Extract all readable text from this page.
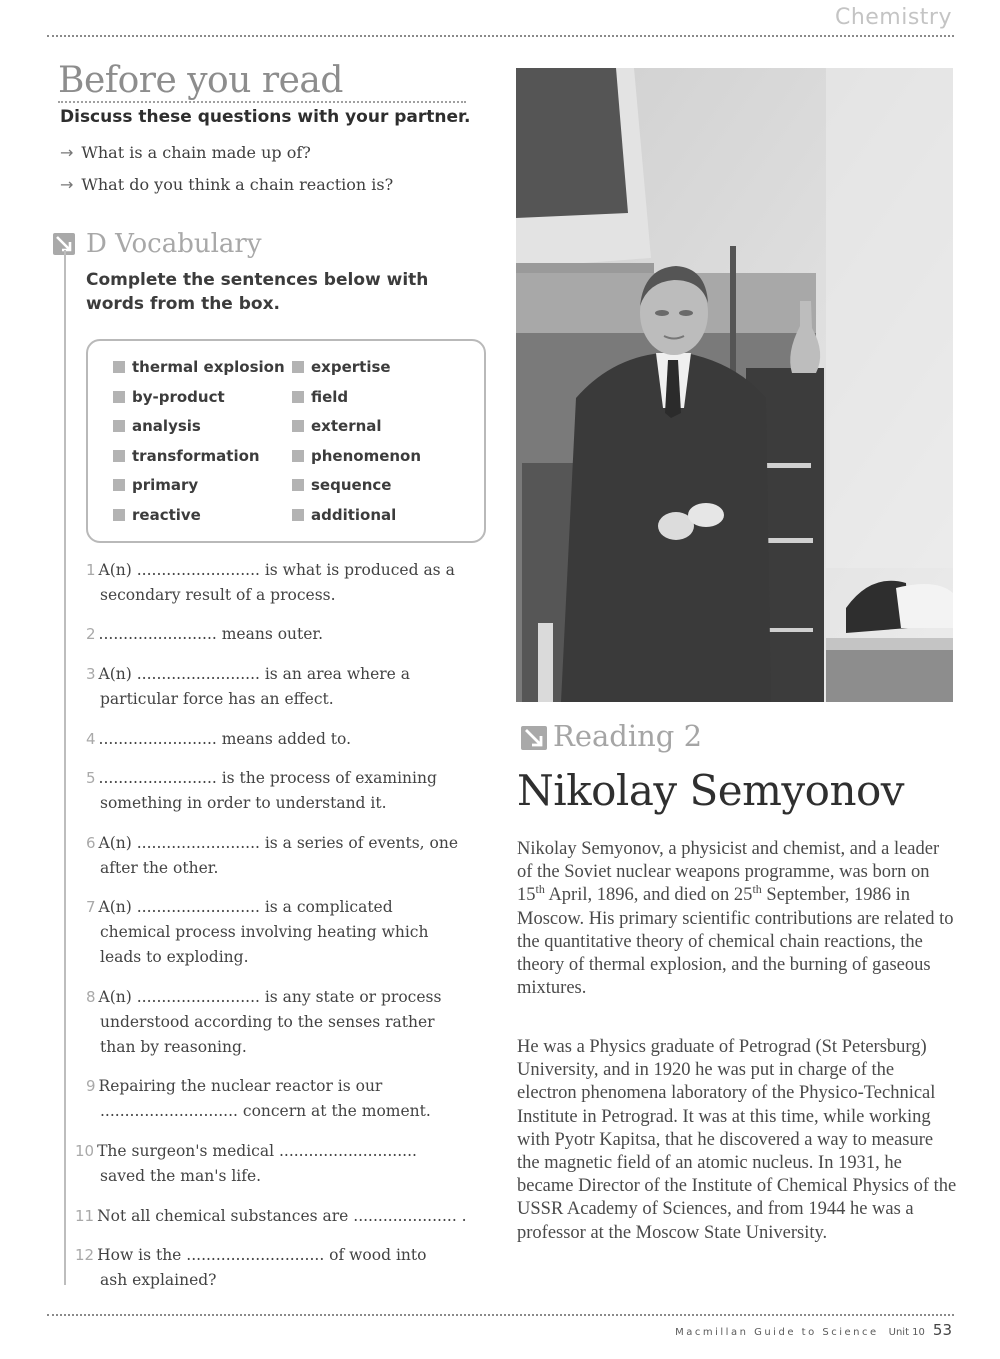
Chemistry
Before you read
Discuss these questions with your partner.
→ What is a chain made up of?
→ What do you think a chain reaction is?
D Vocabulary
Complete the sentences below with words from the box.
thermal explosion
by-product
analysis
transformation
primary
reactive
expertise
field
external
phenomenon
sequence
additional
1 A(n) ......................... is what is produced as a
secondary result of a process.
2 ........................ means outer.
3 A(n) ......................... is an area where a
particular force has an effect.
4 ........................ means added to.
5 ........................ is the process of examining
something in order to understand it.
6 A(n) ......................... is a series of events, one
after the other.
7 A(n) ......................... is a complicated
chemical process involving heating which leads to exploding.
8 A(n) ......................... is any state or process
understood according to the senses rather than by reasoning.
9 Repairing the nuclear reactor is our
............................ concern at the moment.
10 The surgeon's medical ............................
saved the man's life.
11 Not all chemical substances are ..................... .
12 How is the ............................ of wood into
ash explained?
Reading 2
Nikolay Semyonov
Nikolay Semyonov, a physicist and chemist, and a leader of the Soviet nuclear weapons programme, was born on 15th April, 1896, and died on 25th September, 1986 in Moscow. His primary scientific contributions are related to the quantitative theory of chemical chain reactions, the theory of thermal explosion, and the burning of gaseous mixtures.
He was a Physics graduate of Petrograd (St Petersburg) University, and in 1920 he was put in charge of the electron phenomena laboratory of the Physico-Technical Institute in Petrograd. It was at this time, while working with Pyotr Kapitsa, that he discovered a way to measure the magnetic field of an atomic nucleus. In 1931, he became Director of the Institute of Chemical Physics of the USSR Academy of Sciences, and from 1944 he was a professor at the Moscow State University.
Macmillan Guide to Science Unit 10 53
